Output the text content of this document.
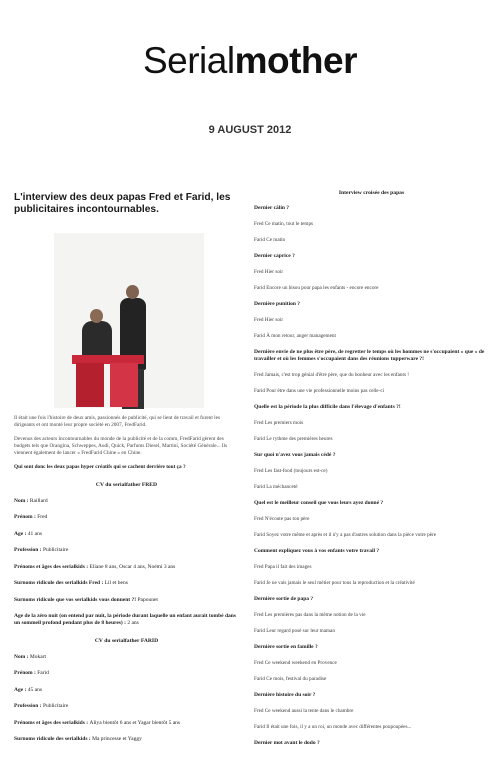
Serialmother
9 AUGUST 2012
L'interview des deux papas Fred et Farid, les publicitaires incontournables.
Il était une fois l'histoire de deux amis, passionnés de publicité, qui se lient de travail et furent les dirigeants et ont monté leur propre société en 2007, FredFarid.
Devenus des acteurs incontournables du monde de la publicité et de la comm, FredFarid gèrent des budgets tels que Orangina, Schweppes, Audi, Quick, Parfums Diesel, Martini, Société Générale... Ils viennent également de lancer « FredFarid Chine » en Chine.
Qui sont donc les deux papas hyper créatifs qui se cachent derrière tout ça ?
CV du serialfather FRED
Nom : Raillard
Prénom : Fred
Age : 41 ans
Profession : Publicitaire
Prénoms et âges des serialkids : Eliane 8 ans, Oscar 4 ans, Noémi 3 ans
Surnoms ridicule des serialkids Fred : Lil et bens
Surnoms ridicule que vos serialkids vous donnent ?! Papounet
Age de la zéro nuit (on entend par nuit, la période durant laquelle un enfant aurait tombé dans un sommeil profond pendant plus de 8 heures) : 2 ans
CV du serialfather FARID
Nom : Mokart
Prénom : Farid
Age : 45 ans
Profession : Publicitaire
Prénoms et âges des serialkids : Aliya bientôt 6 ans et Yagar bientôt 5 ans
Surnoms ridicule des serialkids : Ma princesse et Yaggy
Interview croisée des papas
Dernier câlin ?
Fred Ce matin, tout le temps
Farid Ce matin
Dernier caprice ?
Fred Hier soir
Farid Encore un bisou pour papa les enfants - encore encore
Dernière punition ?
Fred Hier soir
Farid À mon retour, anger management
Dernière envie de ne plus être père, de regretter le temps où les hommes ne s'occupaient « que » de travailler et où les femmes s'occupaient dans des réunions tupperware ?!
Fred Jamais, c'est trop génial d'être père, que du bonheur avec les enfants !
Farid Pour être dans une vie professionnelle moins pas celle-ci
Quelle est la période la plus difficile dans l'élevage d'enfants ?!
Fred Les premiers mois
Farid Le rythme des premières heures
Sur quoi n'avez vous jamais cédé ?
Fred Les fast-food (toujours est-ce)
Farid La méchanceté
Quel est le meilleur conseil que vous leurs ayez donné ?
Fred N'écoute pas ton père
Farid Soyez votre même et après et il n'y a pas d'autres solution dans la pièce votre père
Comment expliquez vous à vos enfants votre travail ?
Fred Papa il fait des images
Farid Je ne vais jamais le seul métier pour tous la reproduction et la créativité
Dernière sortie de papa ?
Fred Les premières pas dans la même notion de la vie
Farid Leur regard posé sur leur maman
Dernière sortie en famille ?
Fred Ce weekend weekend en Provence
Farid Ce mois, festival du paradise
Dernière histoire du soir ?
Fred Ce weekend aussi la tente dans le chambre
Farid Il était une fois, il y a un roi, un monde avec différentes poupoupées...
Dernier mot avant le dodo ?
